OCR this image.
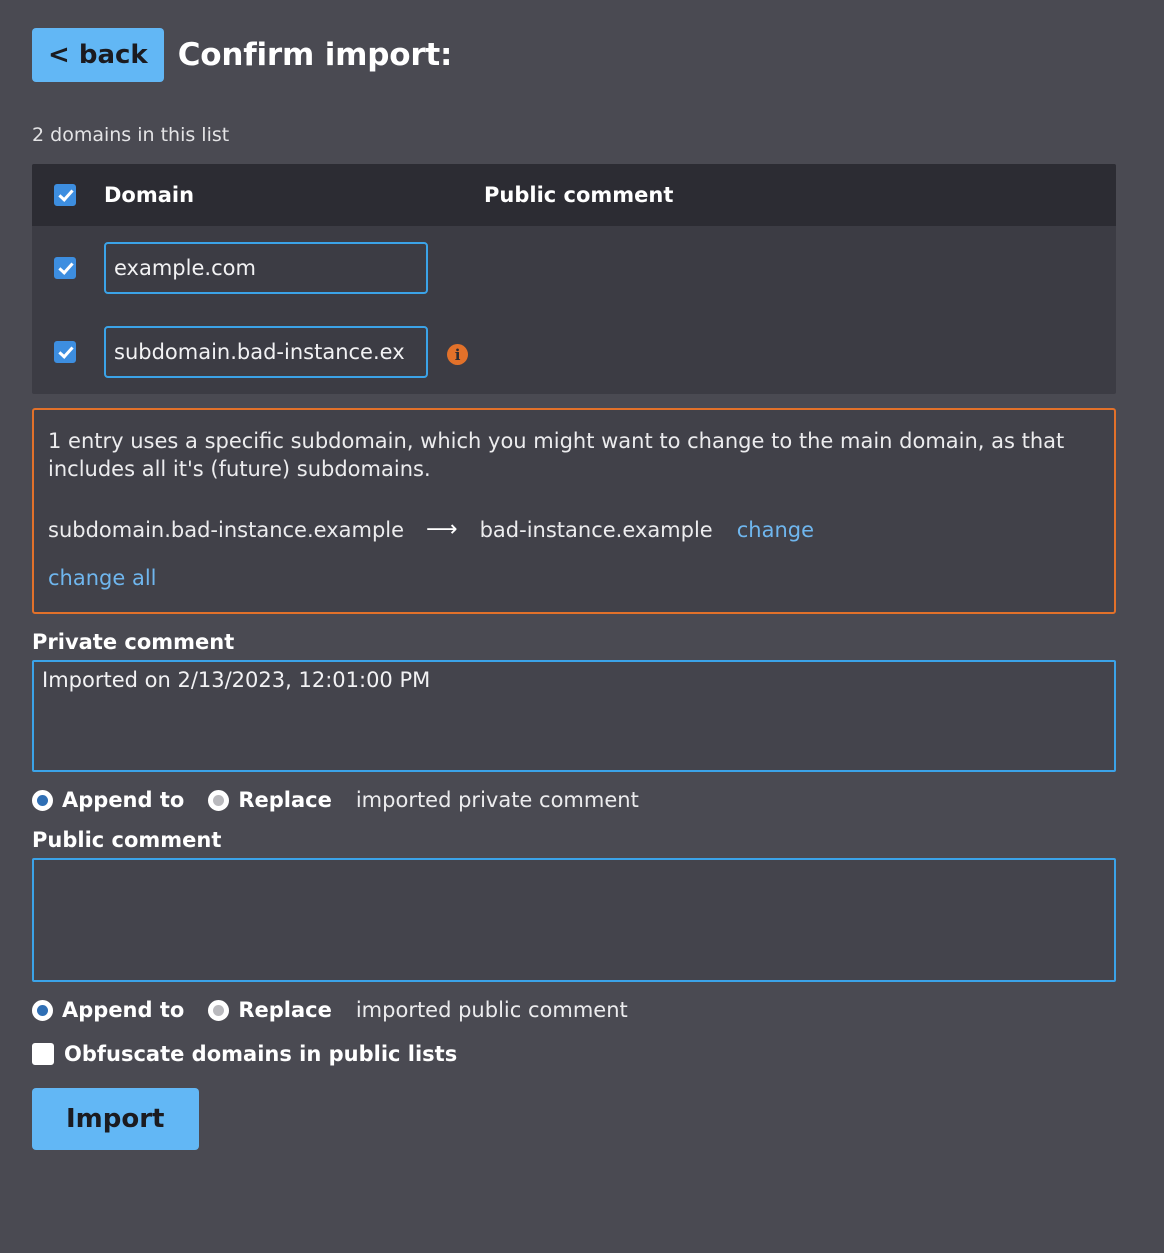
< back Confirm import:
2 domains in this list
Domain	Public comment
example.com
subdomain.bad-instance.ex i
1 entry uses a specific subdomain, which you might want to change to the main domain, as that includes all it's (future) subdomains.
subdomain.bad-instance.example ⟶ bad-instance.example change
change all
Private comment
Imported on 2/13/2023, 12:01:00 PM
Append to	Replace imported private comment
Public comment
Append to	Replace imported public comment
Obfuscate domains in public lists
Import
